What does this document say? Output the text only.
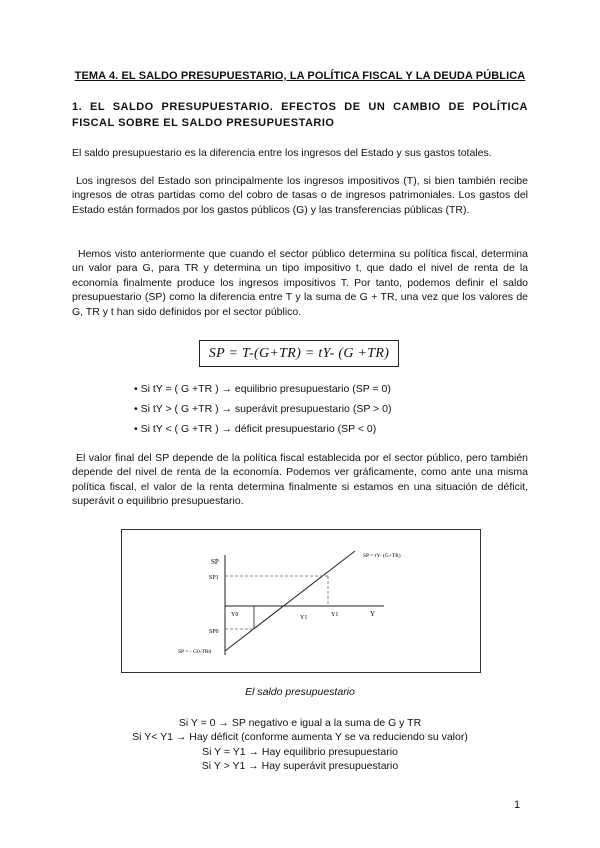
TEMA 4. EL SALDO PRESUPUESTARIO, LA POLÍTICA FISCAL Y LA DEUDA PÚBLICA
1. EL SALDO PRESUPUESTARIO. EFECTOS DE UN CAMBIO DE POLÍTICA FISCAL SOBRE EL SALDO PRESUPUESTARIO
El saldo presupuestario es la diferencia entre los ingresos del Estado y sus gastos totales.
Los ingresos del Estado son principalmente los ingresos impositivos (T), si bien también recibe ingresos de otras partidas como del cobro de tasas o de ingresos patrimoniales. Los gastos del Estado están formados por los gastos públicos (G) y las transferencias públicas (TR).
Hemos visto anteriormente que cuando el sector público determina su política fiscal, determina un valor para G, para TR y determina un tipo impositivo t, que dado el nivel de renta de la economía finalmente produce los ingresos impositivos T. Por tanto, podemos definir el saldo presupuestario (SP) como la diferencia entre T y la suma de G + TR, una vez que los valores de G, TR y t han sido definidos por el sector público.
SP = T-(G+TR) = tY- (G +TR)
• Si tY = ( G +TR ) → equilibrio presupuestario (SP = 0)
• Si tY > ( G +TR ) → superávit presupuestario (SP > 0)
• Si tY < ( G +TR ) → déficit presupuestario (SP < 0)
El valor final del SP depende de la política fiscal establecida por el sector público, pero también depende del nivel de renta de la economía. Podemos ver gráficamente, como ante una misma política fiscal, el valor de la renta determina finalmente si estamos en una situación de déficit, superávit o equilibrio presupuestario.
SP
SP1
SP0
SP = - G0-TR0
SP = tY- (G+TR)
Y0	Y1	Y1	Y
El saldo presupuestario
Si Y = 0 → SP negativo e igual a la suma de G y TR
Si Y< Y1 → Hay déficit (conforme aumenta Y se va reduciendo su valor)
Si Y = Y1 → Hay equilibrio presupuestario
Si Y > Y1 → Hay superávit presupuestario
1
